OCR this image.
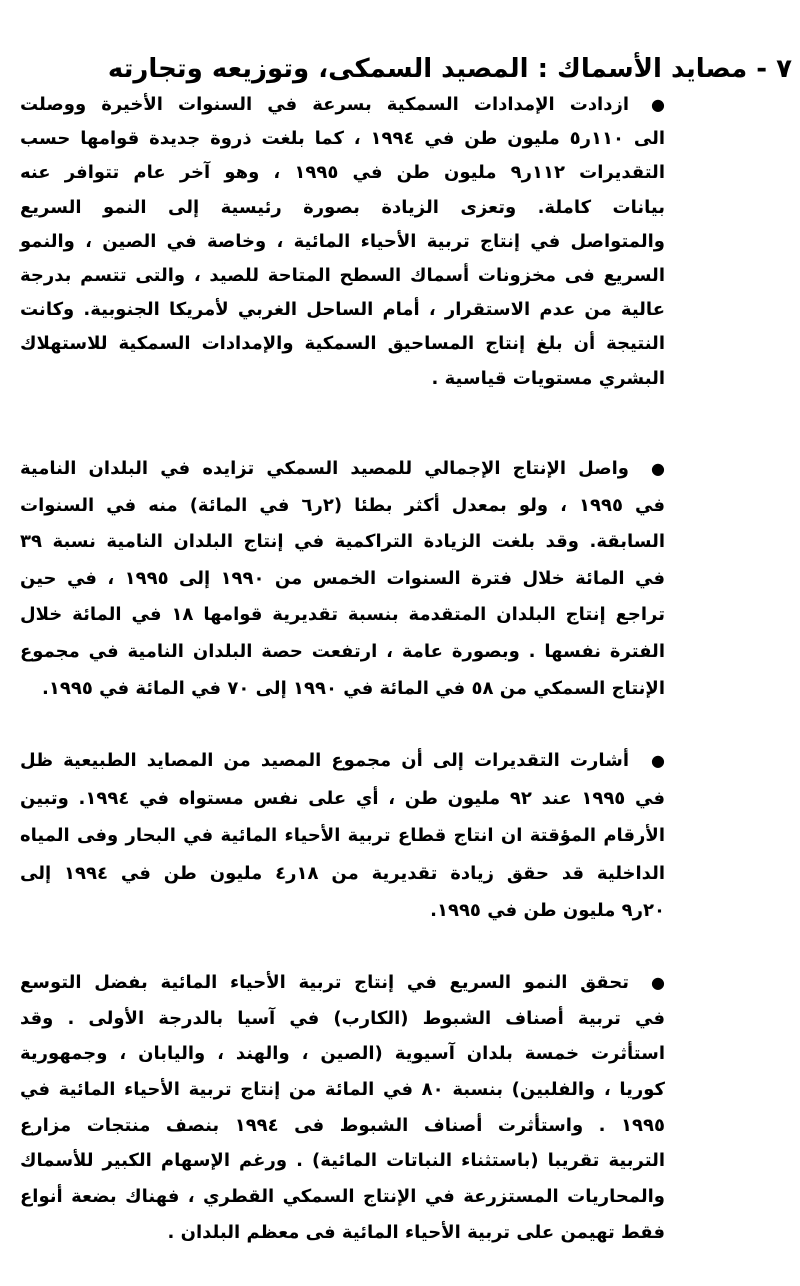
٧ - مصايد الأسماك : المصيد السمكى، وتوزيعه وتجارته
●ازدادت الإمدادات السمكية بسرعة في السنوات الأخيرة ووصلت
الى ١١٠ر٥ مليون طن في ١٩٩٤ ، كما بلغت ذروة جديدة قوامها حسب
التقديرات ١١٢ر٩ مليون طن في ١٩٩٥ ، وهو آخر عام تتوافر عنه
بيانات كاملة. وتعزى الزيادة بصورة رئيسية إلى النمو السريع
والمتواصل في إنتاج تربية الأحياء المائية ، وخاصة في الصين ، والنمو
السريع فى مخزونات أسماك السطح المتاحة للصيد ، والتى تتسم بدرجة
عالية من عدم الاستقرار ، أمام الساحل الغربي لأمريكا الجنوبية. وكانت
النتيجة أن بلغ إنتاج المساحيق السمكية والإمدادات السمكية للاستهلاك
البشري مستويات قياسية .
●واصل الإنتاج الإجمالي للمصيد السمكي تزايده في البلدان النامية
في ١٩٩٥ ، ولو بمعدل أكثر بطئا (٢ر٦ في المائة) منه في السنوات
السابقة. وقد بلغت الزيادة التراكمية في إنتاج البلدان النامية نسبة ٣٩
في المائة خلال فترة السنوات الخمس من ١٩٩٠ إلى ١٩٩٥ ، في حين
تراجع إنتاج البلدان المتقدمة بنسبة تقديرية قوامها ١٨ في المائة خلال
الفترة نفسها . وبصورة عامة ، ارتفعت حصة البلدان النامية في مجموع
الإنتاج السمكي من ٥٨ في المائة في ١٩٩٠ إلى ٧٠ في المائة في ١٩٩٥.
●أشارت التقديرات إلى أن مجموع المصيد من المصايد الطبيعية ظل
في ١٩٩٥ عند ٩٢ مليون طن ، أي على نفس مستواه في ١٩٩٤. وتبين
الأرقام المؤقتة ان انتاج قطاع تربية الأحياء المائية في البحار وفى المياه
الداخلية قد حقق زيادة تقديرية من ١٨ر٤ مليون طن في ١٩٩٤ إلى
٢٠ر٩ مليون طن في ١٩٩٥.
●تحقق النمو السريع في إنتاج تربية الأحياء المائية بفضل التوسع
في تربية أصناف الشبوط (الكارب) في آسيا بالدرجة الأولى . وقد
استأثرت خمسة بلدان آسيوية (الصين ، والهند ، واليابان ، وجمهورية
كوريا ، والفلبين) بنسبة ٨٠ في المائة من إنتاج تربية الأحياء المائية في
١٩٩٥ . واستأثرت أصناف الشبوط فى ١٩٩٤ بنصف منتجات مزارع
التربية تقريبا (باستثناء النباتات المائية) . ورغم الإسهام الكبير للأسماك
والمحاريات المستزرعة في الإنتاج السمكي القطري ، فهناك بضعة أنواع
فقط تهيمن على تربية الأحياء المائية فى معظم البلدان .
